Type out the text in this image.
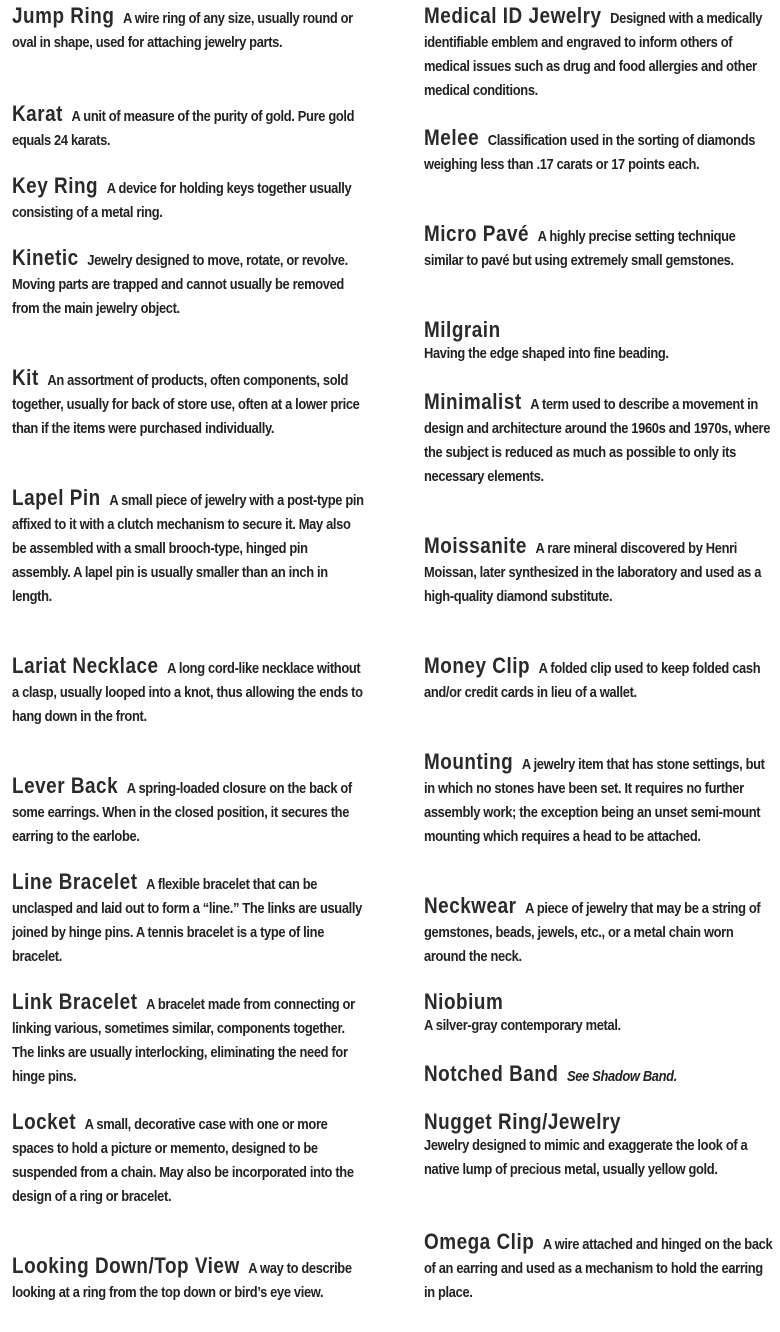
Jump Ring A wire ring of any size, usually round or oval in shape, used for attaching jewelry parts.

Karat A unit of measure of the purity of gold. Pure gold equals 24 karats.

Key Ring A device for holding keys together usually consisting of a metal ring.

Kinetic Jewelry designed to move, rotate, or revolve. Moving parts are trapped and cannot usually be removed from the main jewelry object.

Kit An assortment of products, often components, sold together, usually for back of store use, often at a lower price than if the items were purchased individually.

Lapel Pin A small piece of jewelry with a post-type pin affixed to it with a clutch mechanism to secure it. May also be assembled with a small brooch-type, hinged pin assembly. A lapel pin is usually smaller than an inch in length.

Lariat Necklace A long cord-like necklace without a clasp, usually looped into a knot, thus allowing the ends to hang down in the front.

Lever Back A spring-loaded closure on the back of some earrings. When in the closed position, it secures the earring to the earlobe.

Line Bracelet A flexible bracelet that can be unclasped and laid out to form a “line.” The links are usually joined by hinge pins. A tennis bracelet is a type of line bracelet.

Link Bracelet A bracelet made from connecting or linking various, sometimes similar, components together. The links are usually interlocking, eliminating the need for hinge pins.

Locket A small, decorative case with one or more spaces to hold a picture or memento, designed to be suspended from a chain. May also be incorporated into the design of a ring or bracelet.

Looking Down/Top View A way to describe looking at a ring from the top down or bird’s eye view.

Medical ID Jewelry Designed with a medically identifiable emblem and engraved to inform others of medical issues such as drug and food allergies and other medical conditions.

Melee Classification used in the sorting of diamonds weighing less than .17 carats or 17 points each.

Micro Pavé A highly precise setting technique similar to pavé but using extremely small gemstones.

Milgrain
Having the edge shaped into fine beading.

Minimalist A term used to describe a movement in design and architecture around the 1960s and 1970s, where the subject is reduced as much as possible to only its necessary elements.

Moissanite A rare mineral discovered by Henri Moissan, later synthesized in the laboratory and used as a high-quality diamond substitute.

Money Clip A folded clip used to keep folded cash and/or credit cards in lieu of a wallet.

Mounting A jewelry item that has stone settings, but in which no stones have been set. It requires no further assembly work; the exception being an unset semi-mount mounting which requires a head to be attached.

Neckwear A piece of jewelry that may be a string of gemstones, beads, jewels, etc., or a metal chain worn around the neck.

Niobium
A silver-gray contemporary metal.

Notched Band See Shadow Band.

Nugget Ring/Jewelry
Jewelry designed to mimic and exaggerate the look of a native lump of precious metal, usually yellow gold.

Omega Clip A wire attached and hinged on the back of an earring and used as a mechanism to hold the earring in place.
